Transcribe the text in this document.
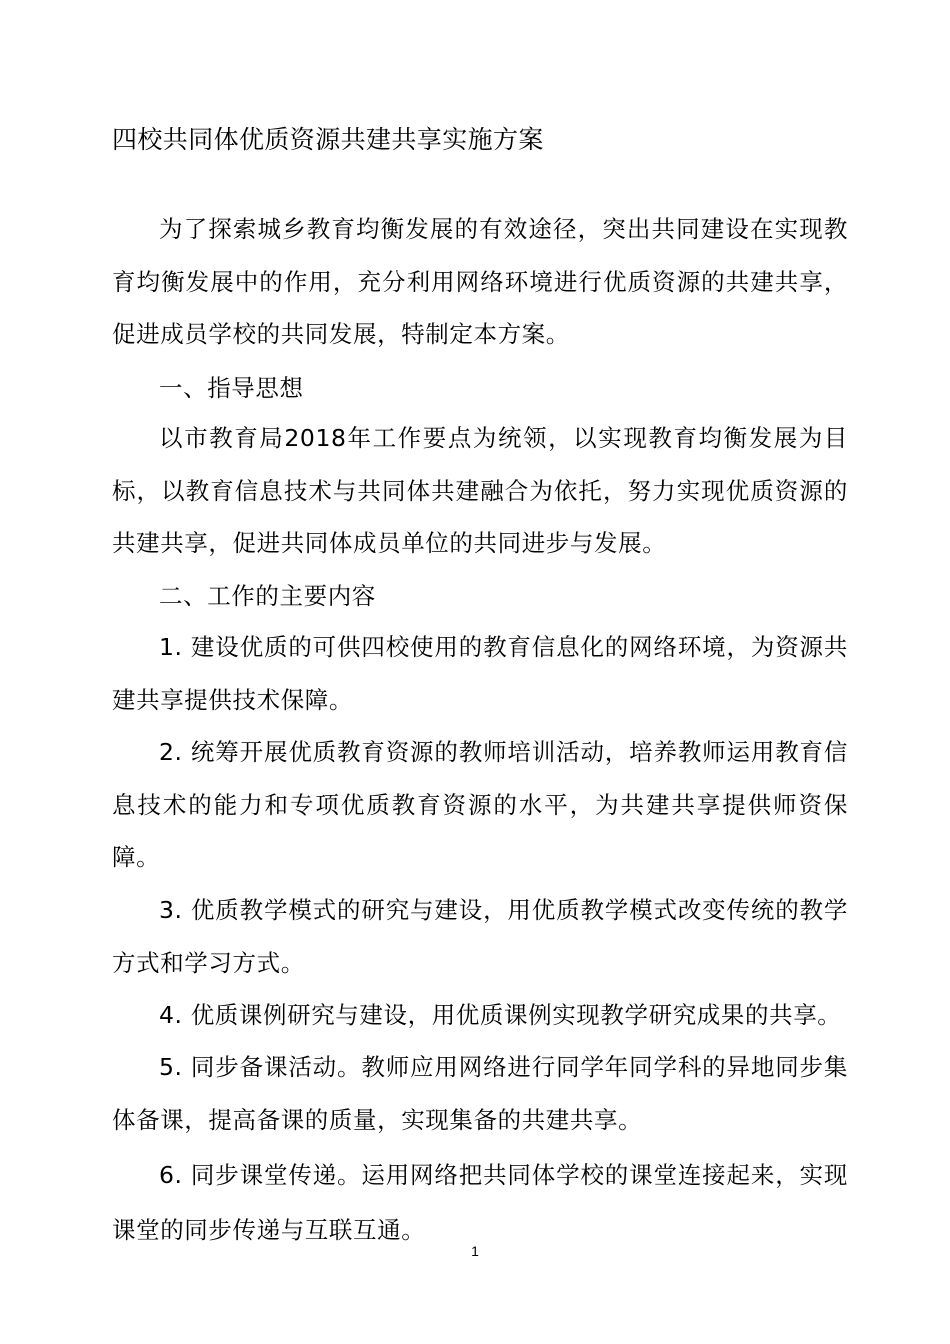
四校共同体优质资源共建共享实施方案

为了探索城乡教育均衡发展的有效途径，突出共同建设在实现教育均衡发展中的作用，充分利用网络环境进行优质资源的共建共享，促进成员学校的共同发展，特制定本方案。

一、指导思想

以市教育局2018年工作要点为统领，以实现教育均衡发展为目标，以教育信息技术与共同体共建融合为依托，努力实现优质资源的共建共享，促进共同体成员单位的共同进步与发展。

二、工作的主要内容

1. 建设优质的可供四校使用的教育信息化的网络环境，为资源共建共享提供技术保障。

2. 统筹开展优质教育资源的教师培训活动，培养教师运用教育信息技术的能力和专项优质教育资源的水平，为共建共享提供师资保障。

3. 优质教学模式的研究与建设，用优质教学模式改变传统的教学方式和学习方式。

4. 优质课例研究与建设，用优质课例实现教学研究成果的共享。

5. 同步备课活动。教师应用网络进行同学年同学科的异地同步集体备课，提高备课的质量，实现集备的共建共享。

6. 同步课堂传递。运用网络把共同体学校的课堂连接起来，实现课堂的同步传递与互联互通。

1
